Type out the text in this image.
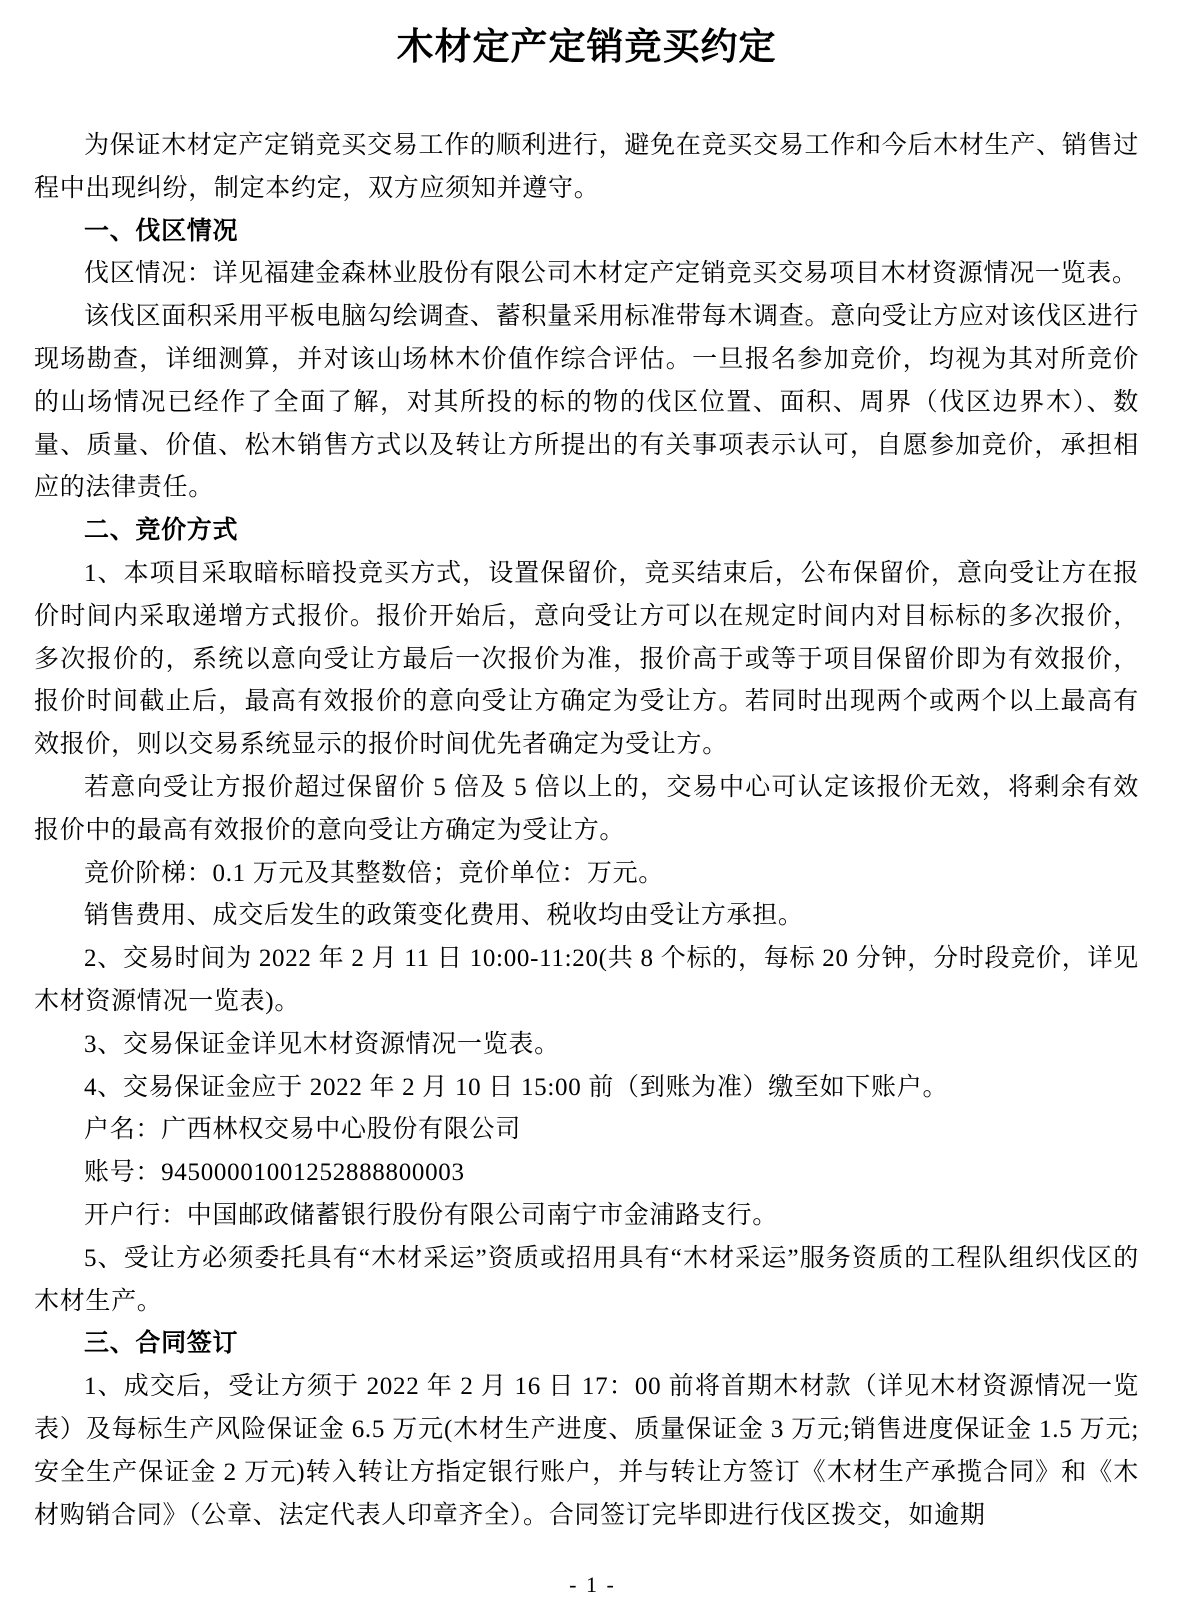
木材定产定销竞买约定

为保证木材定产定销竞买交易工作的顺利进行，避免在竞买交易工作和今后木材生产、销售过程中出现纠纷，制定本约定，双方应须知并遵守。

一、伐区情况

伐区情况：详见福建金森林业股份有限公司木材定产定销竞买交易项目木材资源情况一览表。

该伐区面积采用平板电脑勾绘调查、蓄积量采用标准带每木调查。意向受让方应对该伐区进行现场勘查，详细测算，并对该山场林木价值作综合评估。一旦报名参加竞价，均视为其对所竞价的山场情况已经作了全面了解，对其所投的标的物的伐区位置、面积、周界（伐区边界木）、数量、质量、价值、松木销售方式以及转让方所提出的有关事项表示认可，自愿参加竞价，承担相应的法律责任。

二、竞价方式

1、本项目采取暗标暗投竞买方式，设置保留价，竞买结束后，公布保留价，意向受让方在报价时间内采取递增方式报价。报价开始后，意向受让方可以在规定时间内对目标标的多次报价，多次报价的，系统以意向受让方最后一次报价为准，报价高于或等于项目保留价即为有效报价，报价时间截止后，最高有效报价的意向受让方确定为受让方。若同时出现两个或两个以上最高有效报价，则以交易系统显示的报价时间优先者确定为受让方。

若意向受让方报价超过保留价 5 倍及 5 倍以上的，交易中心可认定该报价无效，将剩余有效报价中的最高有效报价的意向受让方确定为受让方。

竞价阶梯：0.1 万元及其整数倍；竞价单位：万元。

销售费用、成交后发生的政策变化费用、税收均由受让方承担。

2、交易时间为 2022 年 2 月 11 日 10:00-11:20(共 8 个标的，每标 20 分钟，分时段竞价，详见木材资源情况一览表)。

3、交易保证金详见木材资源情况一览表。

4、交易保证金应于 2022 年 2 月 10 日 15:00 前（到账为准）缴至如下账户。

户名：广西林权交易中心股份有限公司

账号：94500001001252888800003

开户行：中国邮政储蓄银行股份有限公司南宁市金浦路支行。

5、受让方必须委托具有“木材采运”资质或招用具有“木材采运”服务资质的工程队组织伐区的木材生产。

三、合同签订

1、成交后，受让方须于 2022 年 2 月 16 日 17：00 前将首期木材款（详见木材资源情况一览表）及每标生产风险保证金 6.5 万元(木材生产进度、质量保证金 3 万元;销售进度保证金 1.5 万元;安全生产保证金 2 万元)转入转让方指定银行账户，并与转让方签订《木材生产承揽合同》和《木材购销合同》（公章、法定代表人印章齐全）。合同签订完毕即进行伐区拨交，如逾期

- 1 -
